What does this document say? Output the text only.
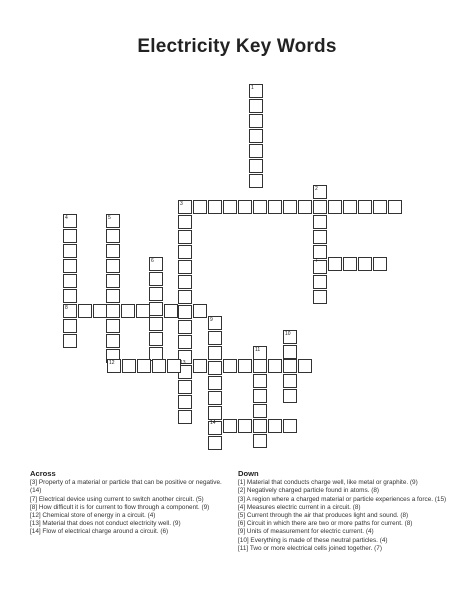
Electricity Key Words
1
2
3
4	5
6	7
8
9
10
11
12	13
14
Across
[3] Property of a material or particle that can be positive or negative. (14)
[7] Electrical device using current to switch another circuit. (5)
[8] How difficult it is for current to flow through a component. (9)
[12] Chemical store of energy in a circuit. (4)
[13] Material that does not conduct electricity well. (9)
[14] Flow of electrical charge around a circuit. (6)
Down
[1] Material that conducts charge well, like metal or graphite. (9)
[2] Negatively charged particle found in atoms. (8)
[3] A region where a charged material or particle experiences a force. (15)
[4] Measures electric current in a circuit. (8)
[5] Current through the air that produces light and sound. (8)
[6] Circuit in which there are two or more paths for current. (8)
[9] Units of measurement for electric current. (4)
[10] Everything is made of these neutral particles. (4)
[11] Two or more electrical cells joined together. (7)
